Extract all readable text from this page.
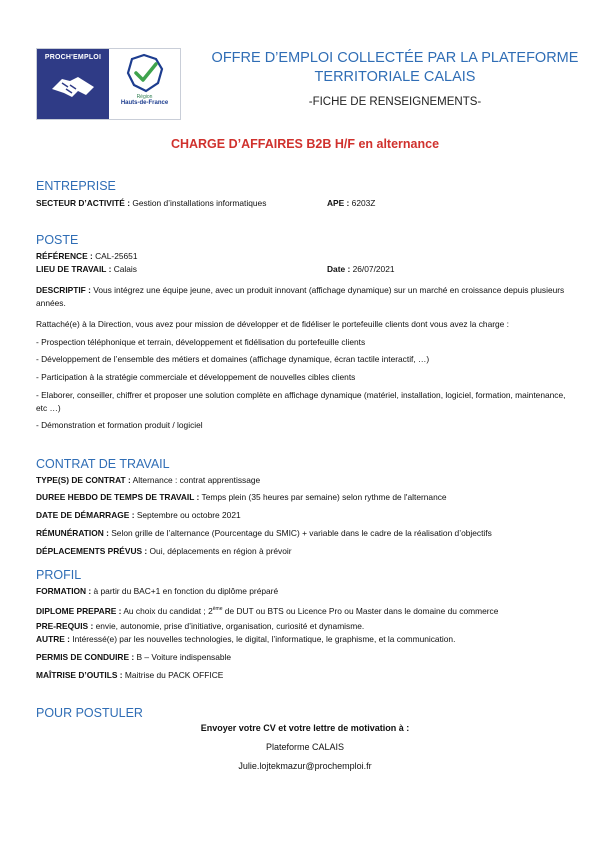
PROCH'EMPLOI
Région
Hauts-de-France
OFFRE D’EMPLOI COLLECTÉE PAR LA PLATEFORME
TERRITORIALE CALAIS
-FICHE DE RENSEIGNEMENTS-
CHARGE D’AFFAIRES B2B H/F en alternance
ENTREPRISE
SECTEUR D’ACTIVITÉ : Gestion d’installations informatiques	APE : 6203Z
POSTE
RÉFÉRENCE : CAL-25651
LIEU DE TRAVAIL : Calais	Date : 26/07/2021
DESCRIPTIF : Vous intégrez une équipe jeune, avec un produit innovant (affichage dynamique) sur un marché en croissance depuis plusieurs années.
Rattaché(e) à la Direction, vous avez pour mission de développer et de fidéliser le portefeuille clients dont vous avez la charge :
- Prospection téléphonique et terrain, développement et fidélisation du portefeuille clients
- Développement de l’ensemble des métiers et domaines (affichage dynamique, écran tactile interactif, …)
- Participation à la stratégie commerciale et développement de nouvelles cibles clients
- Elaborer, conseiller, chiffrer et proposer une solution complète en affichage dynamique (matériel, installation, logiciel, formation, maintenance, etc …)
- Démonstration et formation produit / logiciel
CONTRAT DE TRAVAIL
TYPE(S) DE CONTRAT : Alternance : contrat apprentissage
DUREE HEBDO DE TEMPS DE TRAVAIL : Temps plein (35 heures par semaine) selon rythme de l'alternance
DATE DE DÉMARRAGE : Septembre ou octobre 2021
RÉMUNÉRATION : Selon grille de l’alternance (Pourcentage du SMIC) + variable dans le cadre de la réalisation d’objectifs
DÉPLACEMENTS PRÉVUS : Oui, déplacements en région à prévoir
PROFIL
FORMATION : à partir du BAC+1 en fonction du diplôme préparé
DIPLOME PREPARE : Au choix du candidat ; 2ème de DUT ou BTS ou Licence Pro ou Master dans le domaine du commerce
PRE-REQUIS : envie, autonomie, prise d’initiative, organisation, curiosité et dynamisme.
AUTRE : Intéressé(e) par les nouvelles technologies, le digital, l’informatique, le graphisme, et la communication.
PERMIS DE CONDUIRE : B – Voiture indispensable
MAÎTRISE D’OUTILS : Maitrise du PACK OFFICE
POUR POSTULER
Envoyer votre CV et votre lettre de motivation à :
Plateforme CALAIS
Julie.lojtekmazur@prochemploi.fr
